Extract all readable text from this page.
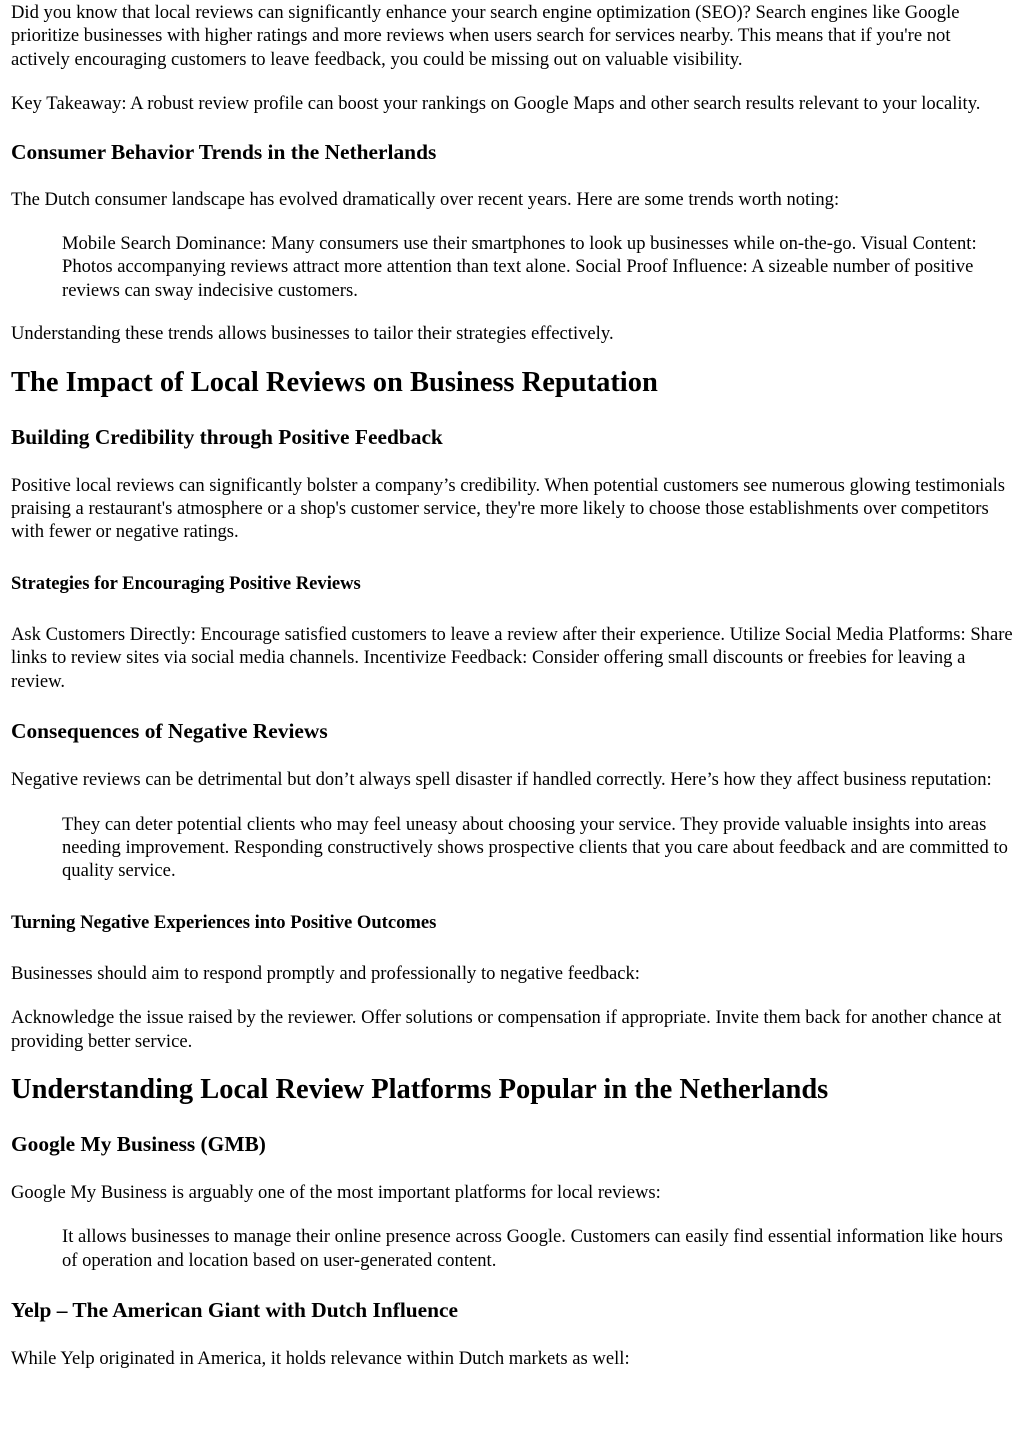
Did you know that local reviews can significantly enhance your search engine optimization (SEO)? Search engines like Google prioritize businesses with higher ratings and more reviews when users search for services nearby. This means that if you're not actively encouraging customers to leave feedback, you could be missing out on valuable visibility.

Key Takeaway: A robust review profile can boost your rankings on Google Maps and other search results relevant to your locality.

Consumer Behavior Trends in the Netherlands

The Dutch consumer landscape has evolved dramatically over recent years. Here are some trends worth noting:

Mobile Search Dominance: Many consumers use their smartphones to look up businesses while on-the-go. Visual Content: Photos accompanying reviews attract more attention than text alone. Social Proof Influence: A sizeable number of positive reviews can sway indecisive customers.

Understanding these trends allows businesses to tailor their strategies effectively.

The Impact of Local Reviews on Business Reputation
Building Credibility through Positive Feedback

Positive local reviews can significantly bolster a company’s credibility. When potential customers see numerous glowing testimonials praising a restaurant's atmosphere or a shop's customer service, they're more likely to choose those establishments over competitors with fewer or negative ratings.

Strategies for Encouraging Positive Reviews

Ask Customers Directly: Encourage satisfied customers to leave a review after their experience. Utilize Social Media Platforms: Share links to review sites via social media channels. Incentivize Feedback: Consider offering small discounts or freebies for leaving a review.

Consequences of Negative Reviews

Negative reviews can be detrimental but don’t always spell disaster if handled correctly. Here’s how they affect business reputation:

They can deter potential clients who may feel uneasy about choosing your service. They provide valuable insights into areas needing improvement. Responding constructively shows prospective clients that you care about feedback and are committed to quality service.

Turning Negative Experiences into Positive Outcomes

Businesses should aim to respond promptly and professionally to negative feedback:

Acknowledge the issue raised by the reviewer. Offer solutions or compensation if appropriate. Invite them back for another chance at providing better service.

Understanding Local Review Platforms Popular in the Netherlands
Google My Business (GMB)

Google My Business is arguably one of the most important platforms for local reviews:

It allows businesses to manage their online presence across Google. Customers can easily find essential information like hours of operation and location based on user-generated content.

Yelp – The American Giant with Dutch Influence

While Yelp originated in America, it holds relevance within Dutch markets as well:
